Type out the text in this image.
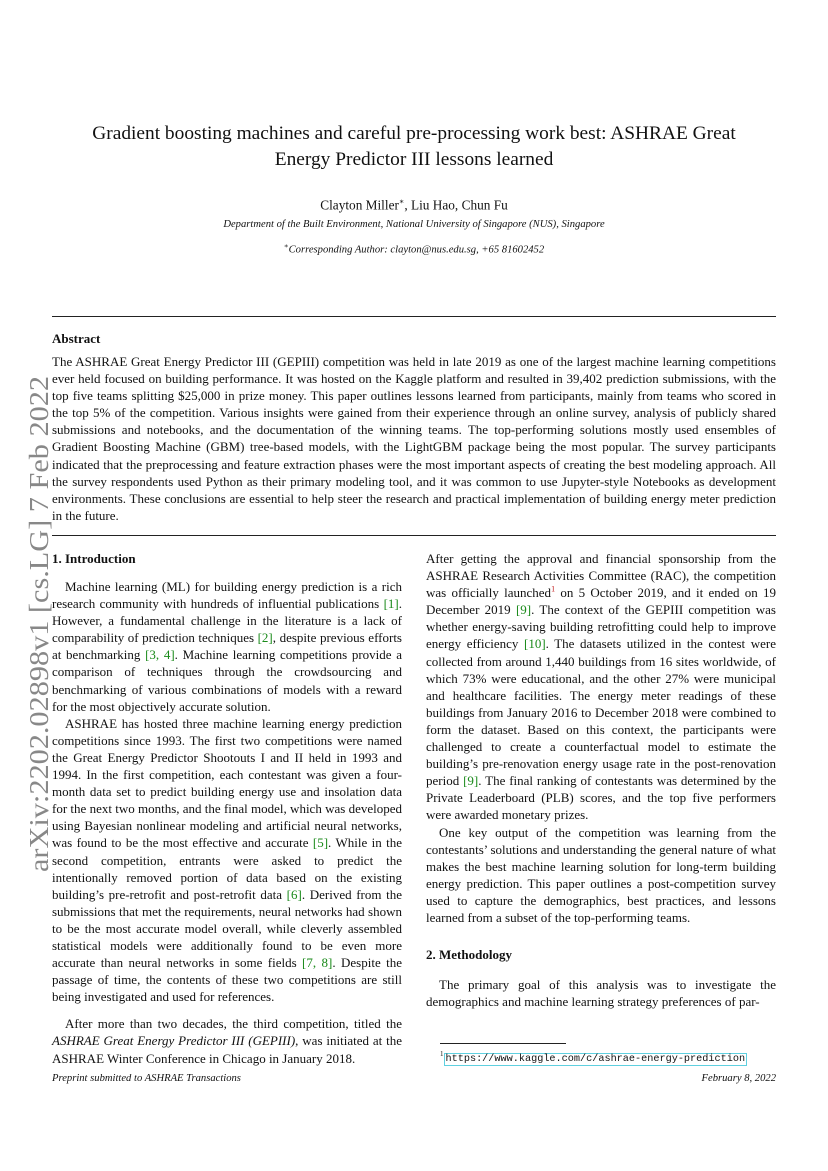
arXiv:2202.02898v1 [cs.LG] 7 Feb 2022
Gradient boosting machines and careful pre-processing work best: ASHRAE Great
Energy Predictor III lessons learned
Clayton Miller∗, Liu Hao, Chun Fu
Department of the Built Environment, National University of Singapore (NUS), Singapore
∗Corresponding Author: clayton@nus.edu.sg, +65 81602452
Abstract
The ASHRAE Great Energy Predictor III (GEPIII) competition was held in late 2019 as one of the largest machine learning competitions ever held focused on building performance. It was hosted on the Kaggle platform and resulted in 39,402 prediction submissions, with the top five teams splitting $25,000 in prize money. This paper outlines lessons learned from participants, mainly from teams who scored in the top 5% of the competition. Various insights were gained from their experience through an online survey, analysis of publicly shared submissions and notebooks, and the documentation of the winning teams. The top-performing solutions mostly used ensembles of Gradient Boosting Machine (GBM) tree-based models, with the LightGBM package being the most popular. The survey participants indicated that the preprocessing and feature extraction phases were the most important aspects of creating the best modeling approach. All the survey respondents used Python as their primary modeling tool, and it was common to use Jupyter-style Notebooks as development environments. These conclusions are essential to help steer the research and practical implementation of building energy meter prediction in the future.
1. Introduction

Machine learning (ML) for building energy prediction is a rich research community with hundreds of influential publications [1]. However, a fundamental challenge in the literature is a lack of comparability of prediction techniques [2], despite previous efforts at benchmarking [3, 4]. Machine learning competitions provide a comparison of techniques through the crowdsourcing and benchmarking of various combinations of models with a reward for the most objectively accurate solution.

ASHRAE has hosted three machine learning energy prediction competitions since 1993. The first two competitions were named the Great Energy Predictor Shootouts I and II held in 1993 and 1994. In the first competition, each contestant was given a four-month data set to predict building energy use and insolation data for the next two months, and the final model, which was developed using Bayesian nonlinear modeling and artificial neural networks, was found to be the most effective and accurate [5]. While in the second competition, entrants were asked to predict the intentionally removed portion of data based on the existing building’s pre-retrofit and post-retrofit data [6]. Derived from the submissions that met the requirements, neural networks had shown to be the most accurate model overall, while cleverly assembled statistical models were additionally found to be even more accurate than neural networks in some fields [7, 8]. Despite the passage of time, the contents of these two competitions are still being investigated and used for references.

After more than two decades, the third competition, titled the ASHRAE Great Energy Predictor III (GEPIII), was initiated at the ASHRAE Winter Conference in Chicago in January 2018.

After getting the approval and financial sponsorship from the ASHRAE Research Activities Committee (RAC), the competition was officially launched$^1$ on 5 October 2019, and it ended on 19 December 2019 [9]. The context of the GEPIII competition was whether energy-saving building retrofitting could help to improve energy efficiency [10]. The datasets utilized in the contest were collected from around 1,440 buildings from 16 sites worldwide, of which 73% were educational, and the other 27% were municipal and healthcare facilities. The energy meter readings of these buildings from January 2016 to December 2018 were combined to form the dataset. Based on this context, the participants were challenged to create a counterfactual model to estimate the building’s pre-renovation energy usage rate in the post-renovation period [9]. The final ranking of contestants was determined by the Private Leaderboard (PLB) scores, and the top five performers were awarded monetary prizes.

One key output of the competition was learning from the contestants’ solutions and understanding the general nature of what makes the best machine learning solution for long-term building energy prediction. This paper outlines a post-competition survey used to capture the demographics, best practices, and lessons learned from a subset of the top-performing teams.

2. Methodology

The primary goal of this analysis was to investigate the demographics and machine learning strategy preferences of par-

$^1$ https://www.kaggle.com/c/ashrae-energy-prediction
Preprint submitted to ASHRAE Transactions	February 8, 2022
